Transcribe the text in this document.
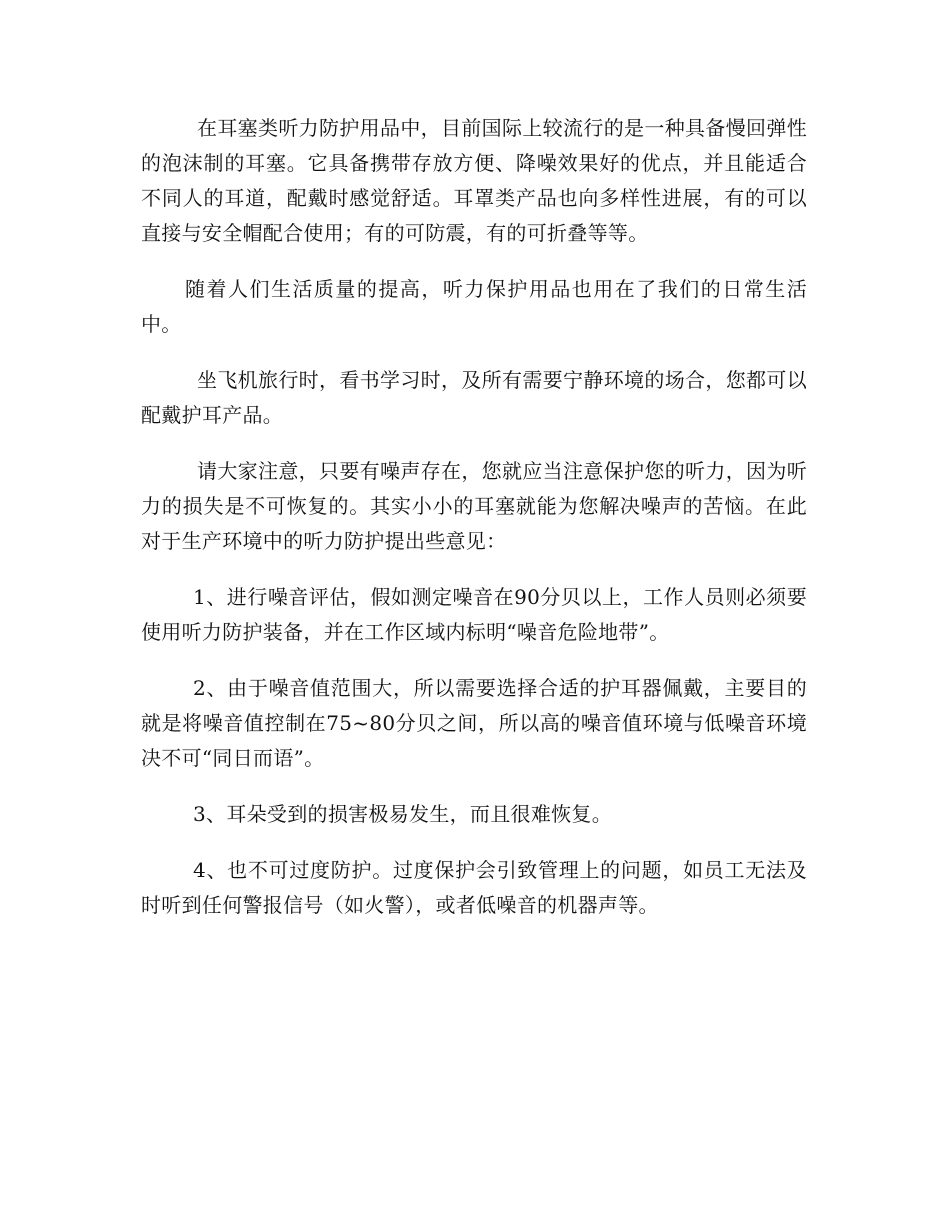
在耳塞类听力防护用品中，目前国际上较流行的是一种具备慢回弹性的泡沫制的耳塞。它具备携带存放方便、降噪效果好的优点，并且能适合不同人的耳道，配戴时感觉舒适。耳罩类产品也向多样性进展，有的可以直接与安全帽配合使用；有的可防震，有的可折叠等等。

随着人们生活质量的提高，听力保护用品也用在了我们的日常生活中。

坐飞机旅行时，看书学习时，及所有需要宁静环境的场合，您都可以配戴护耳产品。

请大家注意，只要有噪声存在，您就应当注意保护您的听力，因为听力的损失是不可恢复的。其实小小的耳塞就能为您解决噪声的苦恼。在此对于生产环境中的听力防护提出些意见：

1、进行噪音评估，假如测定噪音在90分贝以上，工作人员则必须要使用听力防护装备，并在工作区域内标明“噪音危险地带”。

2、由于噪音值范围大，所以需要选择合适的护耳器佩戴，主要目的就是将噪音值控制在75~80分贝之间，所以高的噪音值环境与低噪音环境决不可“同日而语”。

3、耳朵受到的损害极易发生，而且很难恢复。

4、也不可过度防护。过度保护会引致管理上的问题，如员工无法及时听到任何警报信号（如火警），或者低噪音的机器声等。
